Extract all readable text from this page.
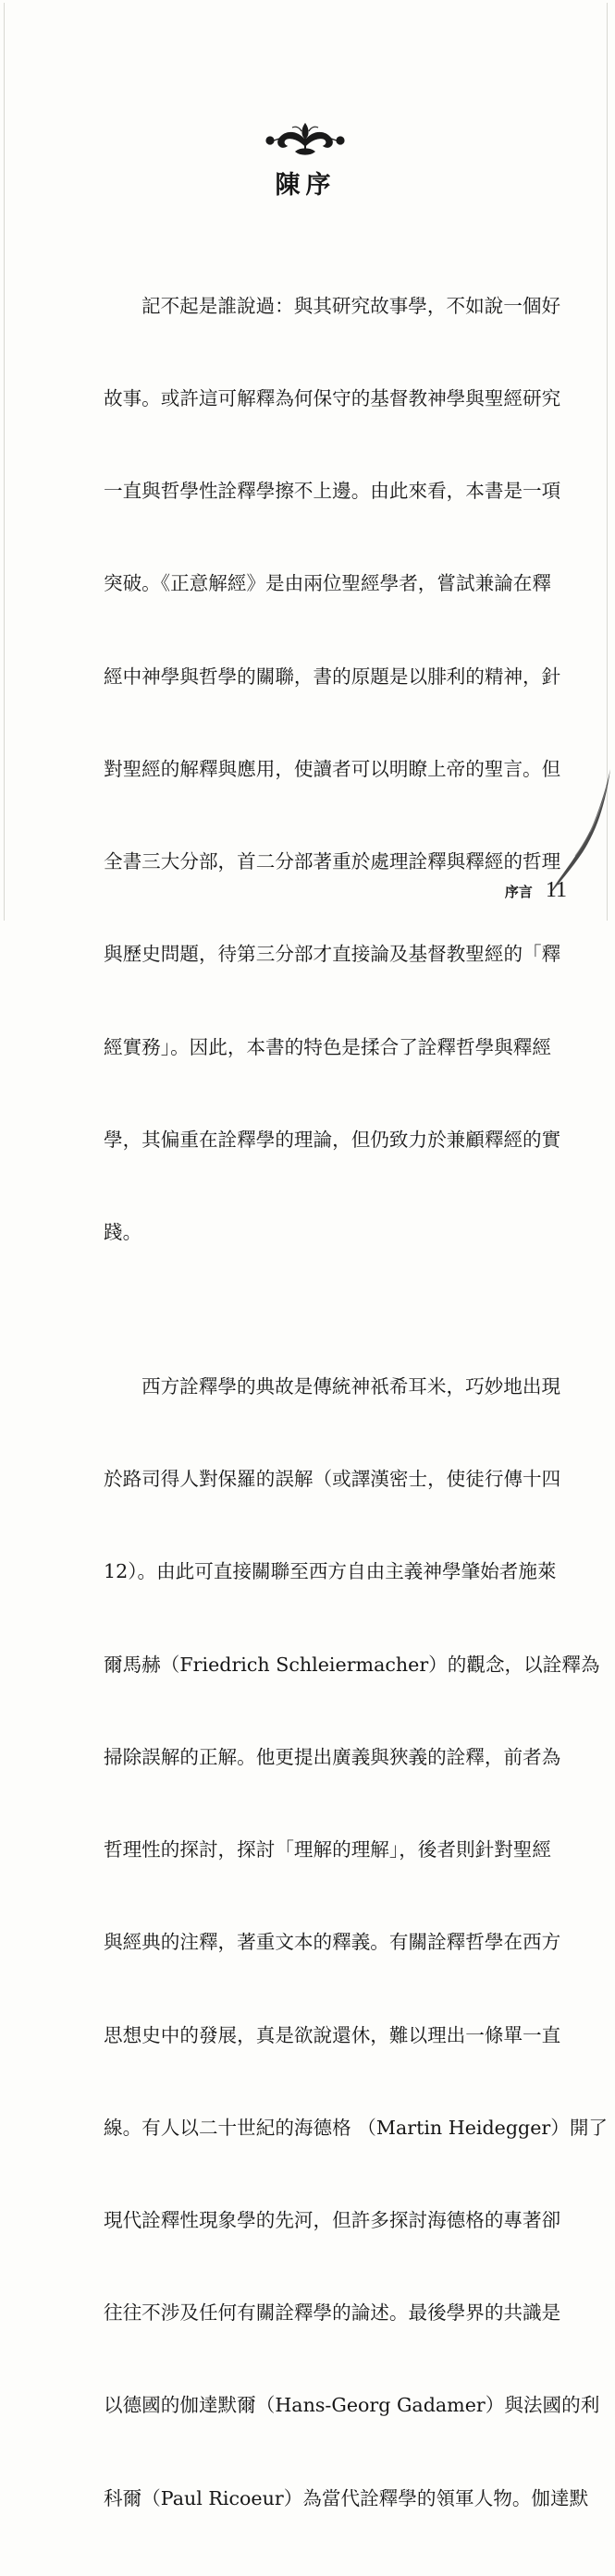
陳序

記不起是誰說過：與其研究故事學，不如說一個好

故事。或許這可解釋為何保守的基督教神學與聖經研究

一直與哲學性詮釋學擦不上邊。由此來看，本書是一項

突破。《正意解經》是由兩位聖經學者，嘗試兼論在釋

經中神學與哲學的關聯，書的原題是以腓利的精神，針

對聖經的解釋與應用，使讀者可以明瞭上帝的聖言。但

全書三大分部，首二分部著重於處理詮釋與釋經的哲理

與歷史問題，待第三分部才直接論及基督教聖經的「釋

經實務」。因此，本書的特色是揉合了詮釋哲學與釋經

學，其偏重在詮釋學的理論，但仍致力於兼顧釋經的實

踐。

西方詮釋學的典故是傳統神祇希耳米，巧妙地出現

於路司得人對保羅的誤解（或譯漢密士，使徒行傳十四

12）。由此可直接關聯至西方自由主義神學肇始者施萊

爾馬赫（Friedrich Schleiermacher）的觀念，以詮釋為

掃除誤解的正解。他更提出廣義與狹義的詮釋，前者為

哲理性的探討，探討「理解的理解」，後者則針對聖經

與經典的注釋，著重文本的釋義。有關詮釋哲學在西方

思想史中的發展，真是欲說還休，難以理出一條單一直

線。有人以二十世紀的海德格 （Martin Heidegger）開了

現代詮釋性現象學的先河，但許多探討海德格的專著卻

往往不涉及任何有關詮釋學的論述。最後學界的共識是

以德國的伽達默爾（Hans-Georg Gadamer）與法國的利

科爾（Paul Ricoeur）為當代詮釋學的領軍人物。伽達默

序言 11
